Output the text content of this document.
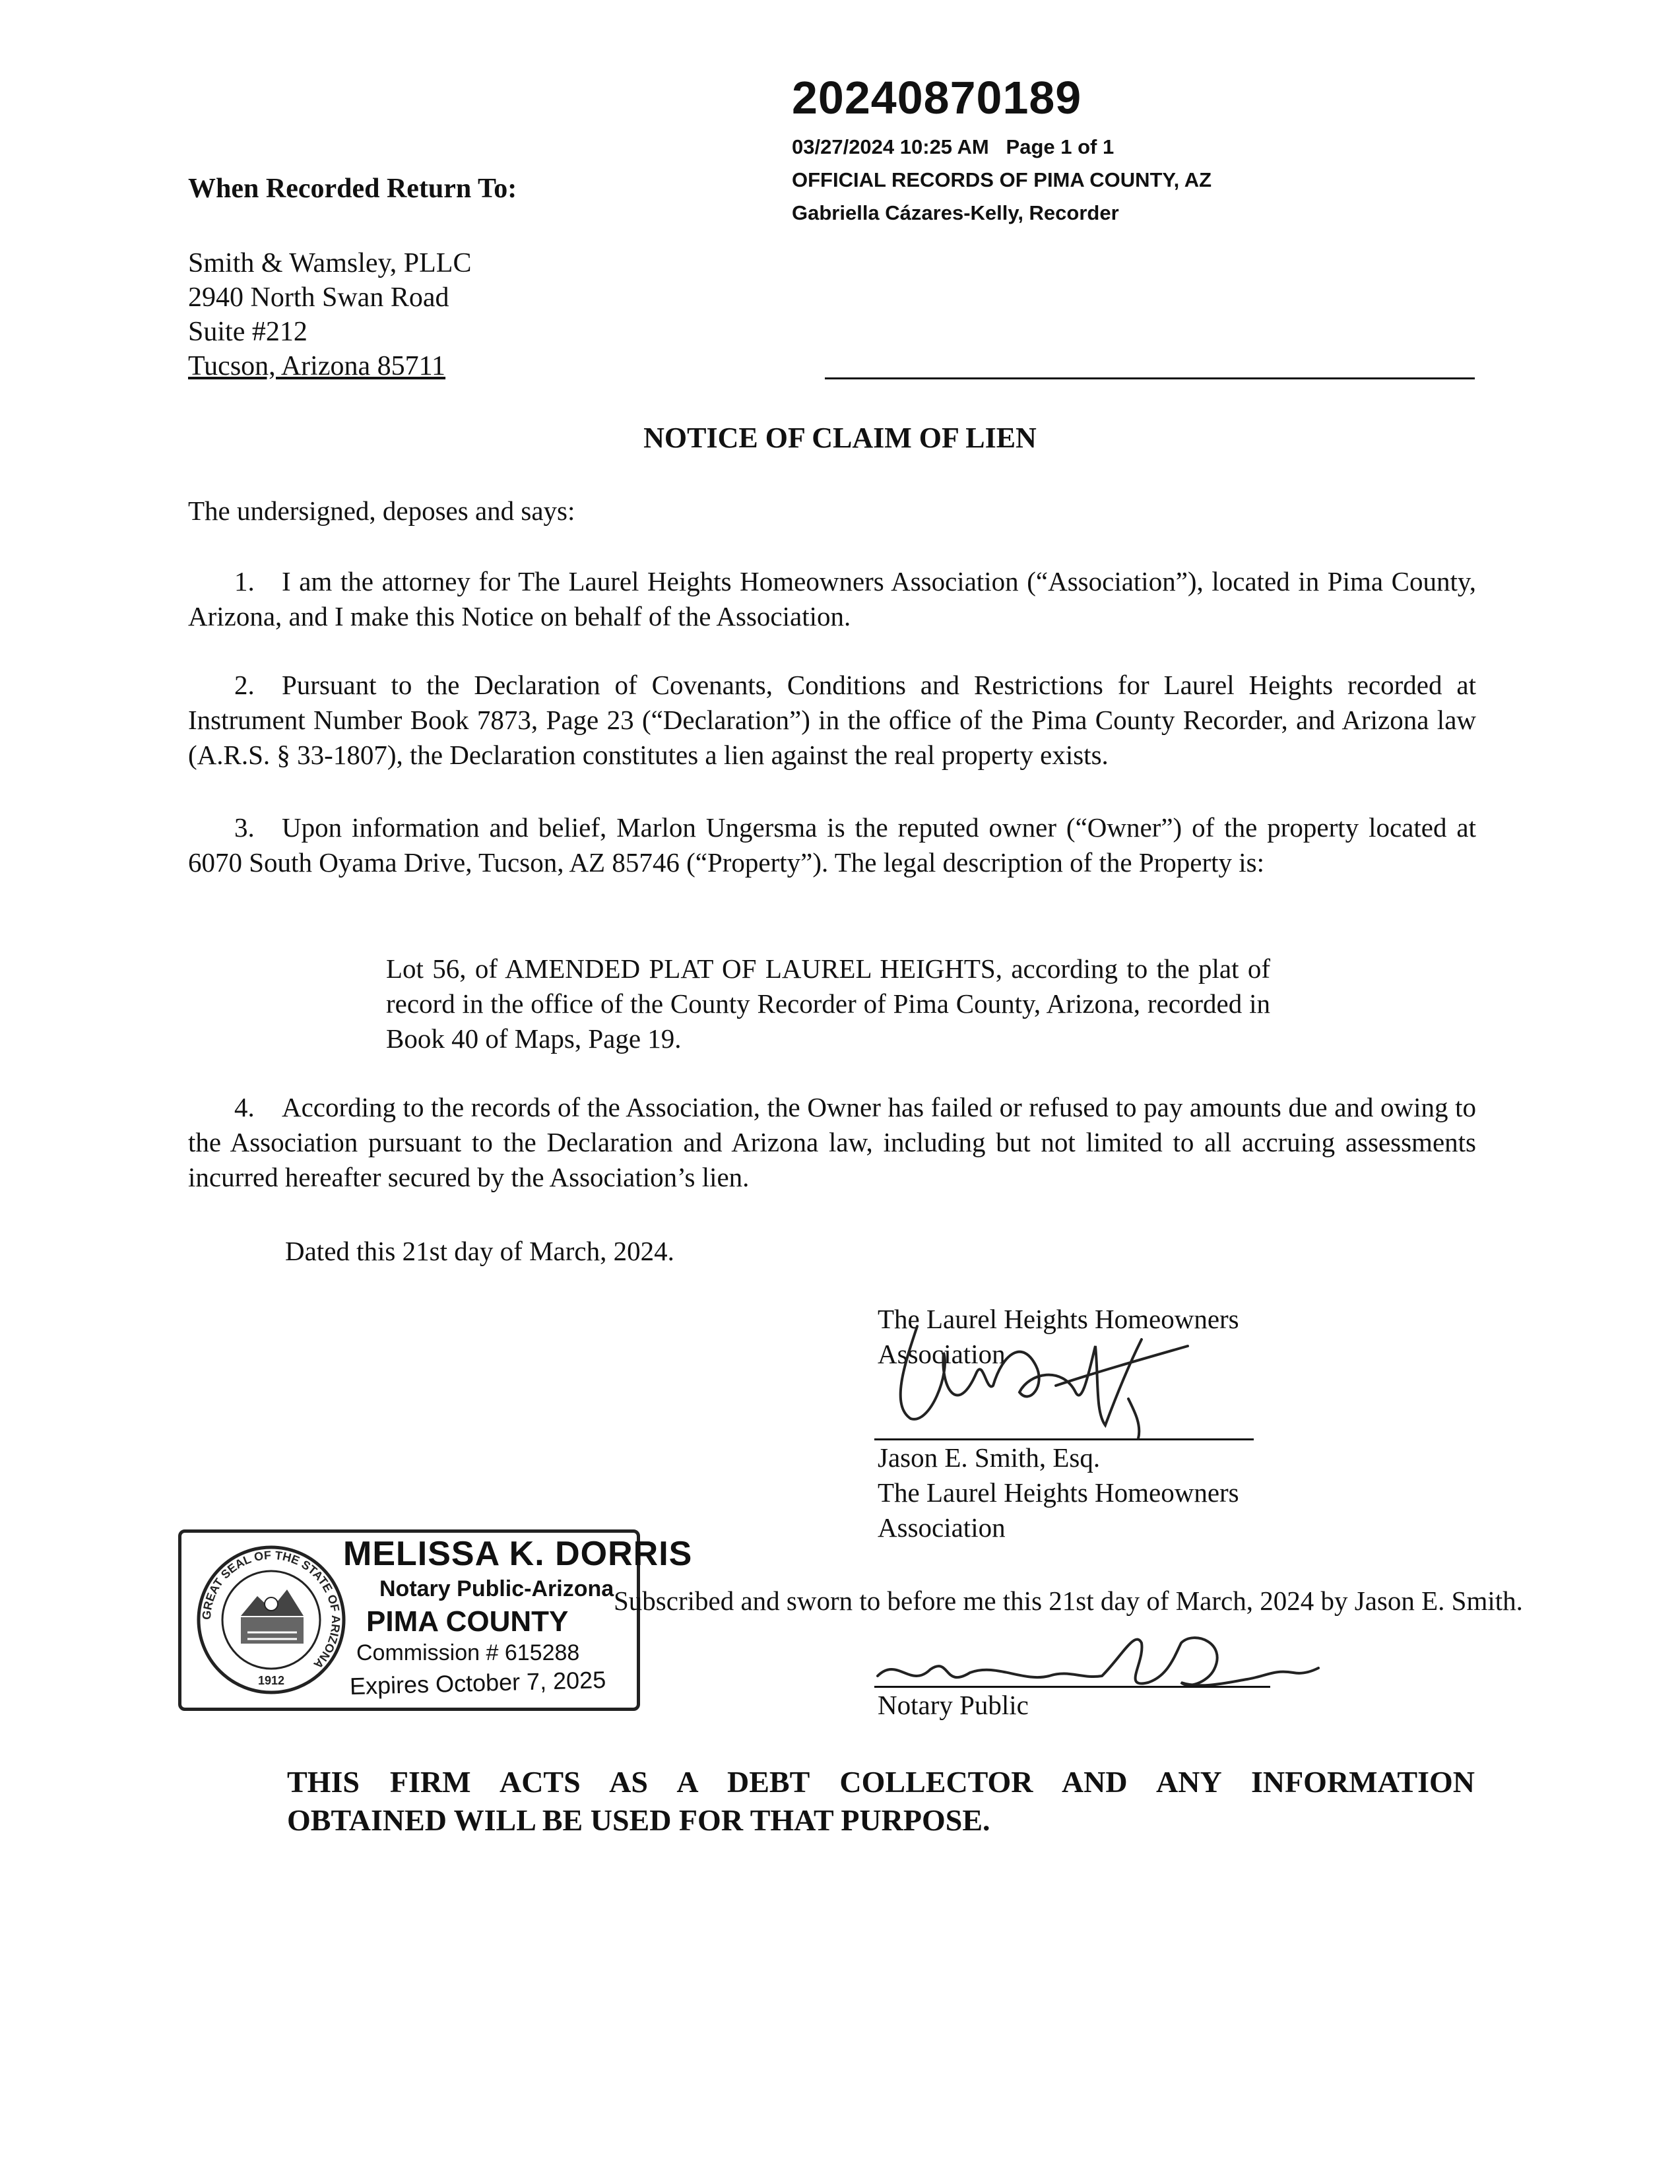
20240870189
03/27/2024 10:25 AM   Page 1 of 1
OFFICIAL RECORDS OF PIMA COUNTY, AZ
Gabriella Cázares-Kelly, Recorder
When Recorded Return To:
Smith & Wamsley, PLLC
2940 North Swan Road
Suite #212
Tucson, Arizona 85711
NOTICE OF CLAIM OF LIEN
The undersigned, deposes and says:
1. I am the attorney for The Laurel Heights Homeowners Association (“Association”), located in Pima County, Arizona, and I make this Notice on behalf of the Association.
2. Pursuant to the Declaration of Covenants, Conditions and Restrictions for Laurel Heights recorded at Instrument Number Book 7873, Page 23 (“Declaration”) in the office of the Pima County Recorder, and Arizona law (A.R.S. § 33-1807), the Declaration constitutes a lien against the real property exists.
3. Upon information and belief, Marlon Ungersma is the reputed owner (“Owner”) of the property located at 6070 South Oyama Drive, Tucson, AZ 85746 (“Property”). The legal description of the Property is:
Lot 56, of AMENDED PLAT OF LAUREL HEIGHTS, according to the plat of record in the office of the County Recorder of Pima County, Arizona, recorded in Book 40 of Maps, Page 19.
4. According to the records of the Association, the Owner has failed or refused to pay amounts due and owing to the Association pursuant to the Declaration and Arizona law, including but not limited to all accruing assessments incurred hereafter secured by the Association’s lien.
Dated this 21st day of March, 2024.
The Laurel Heights Homeowners
Association
Jason E. Smith, Esq.
The Laurel Heights Homeowners
Association
GREAT SEAL OF THE STATE OF ARIZONA
1912
MELISSA K. DORRIS
Notary Public-Arizona
PIMA COUNTY
Commission # 615288
Expires October 7, 2025
Subscribed and sworn to before me this 21st day of March, 2024 by Jason E. Smith.
Notary Public
THIS FIRM ACTS AS A DEBT COLLECTOR AND ANY INFORMATION
OBTAINED WILL BE USED FOR THAT PURPOSE.
